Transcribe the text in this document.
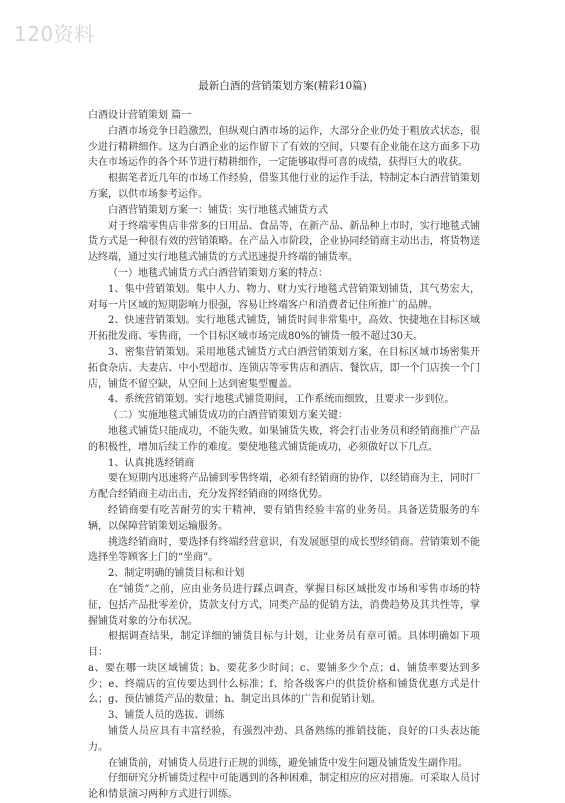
120资料
最新白酒的营销策划方案(精彩10篇)

白酒设计营销策划 篇一

白酒市场竞争日趋激烈，但纵观白酒市场的运作，大部分企业仍处于粗放式状态，很少进行精耕细作。这为白酒企业的运作留下了有效的空间，只要有企业能在这方面多下功夫在市场运作的各个环节进行精耕细作，一定能够取得可喜的成绩，获得巨大的收获。

根据笔者近几年的市场工作经验，借鉴其他行业的运作手法，特制定本白酒营销策划方案，以供市场参考运作。

白酒营销策划方案一：铺货：实行地毯式铺货方式

对于终端零售店非常多的日用品、食品等，在新产品、新品种上市时，实行地毯式铺货方式是一种很有效的营销策略。在产品入市阶段，企业协同经销商主动出击，将货物送达终端，通过实行地毯式铺货的方式迅速提升终端的铺货率。

（一）地毯式铺货方式白酒营销策划方案的特点：

1、集中营销策划。集中人力、物力、财力实行地毯式营销策划铺货，其气势宏大，对每一片区域的短期影响力很强，容易让终端客户和消费者记住所推广的品牌。

2、快速营销策划。实行地毯式铺货，铺货时间非常集中，高效、快捷地在目标区域开拓批发商、零售商，一个目标区域市场完成80%的铺货一般不超过30天。

3、密集营销策划。采用地毯式铺货方式白酒营销策划方案，在目标区域市场密集开拓食杂店、夫妻店、中小型超市、连锁店等零售店和酒店、餐饮店，即一个门店挨一个门店，铺货不留空缺，从空间上达到密集型覆盖。

4、系统营销策划。实行地毯式铺货期间，工作系统而细致，且要求一步到位。

（二）实施地毯式铺货成功的白酒营销策划方案关键：

地毯式铺货只能成功，不能失败。如果铺货失败，将会打击业务员和经销商推广产品的积极性，增加后续工作的难度。要使地毯式铺货能成功，必须做好以下几点。

1、认真挑选经销商

要在短期内迅速将产品铺到零售终端，必须有经销商的协作，以经销商为主，同时厂方配合经销商主动出击，充分发挥经销商的网络优势。

经销商要有吃苦耐劳的实干精神，要有销售经验丰富的业务员。具备送货服务的车辆，以保障营销策划运输服务。

挑选经销商时，要选择有终端经营意识，有发展愿望的成长型经销商。营销策划不能选择坐等顾客上门的“坐商”。

2、制定明确的铺货目标和计划

在“铺货”之前，应由业务员进行踩点调查，掌握目标区域批发市场和零售市场的特征，包括产品批零差价，货款支付方式，同类产品的促销方法，消费趋势及其共性等，掌握铺货对象的分布状况。

根据调查结果，制定详细的铺货目标与计划，让业务员有章可循。具体明确如下项目：

a、要在哪一块区域铺货；b、要花多少时间；c、要铺多少个点；d、铺货率要达到多少；e、终端店的宣传要达到什么标准；f、给各级客户的供货价格和铺货优惠方式是什么；g、预估铺货产品的数量；h、制定出具体的广告和促销计划。

3、铺货人员的选拔、训练

铺货人员应具有丰富经验，有强烈冲劲、具备熟练的推销技能、良好的口头表达能力。

在铺货前，对铺货人员进行正规的训练，避免铺货中发生问题及铺货发生副作用。

仔细研究分析铺货过程中可能遇到的各种困难，制定相应的应对措施。可采取人员讨论和情景演习两种方式进行训练。
